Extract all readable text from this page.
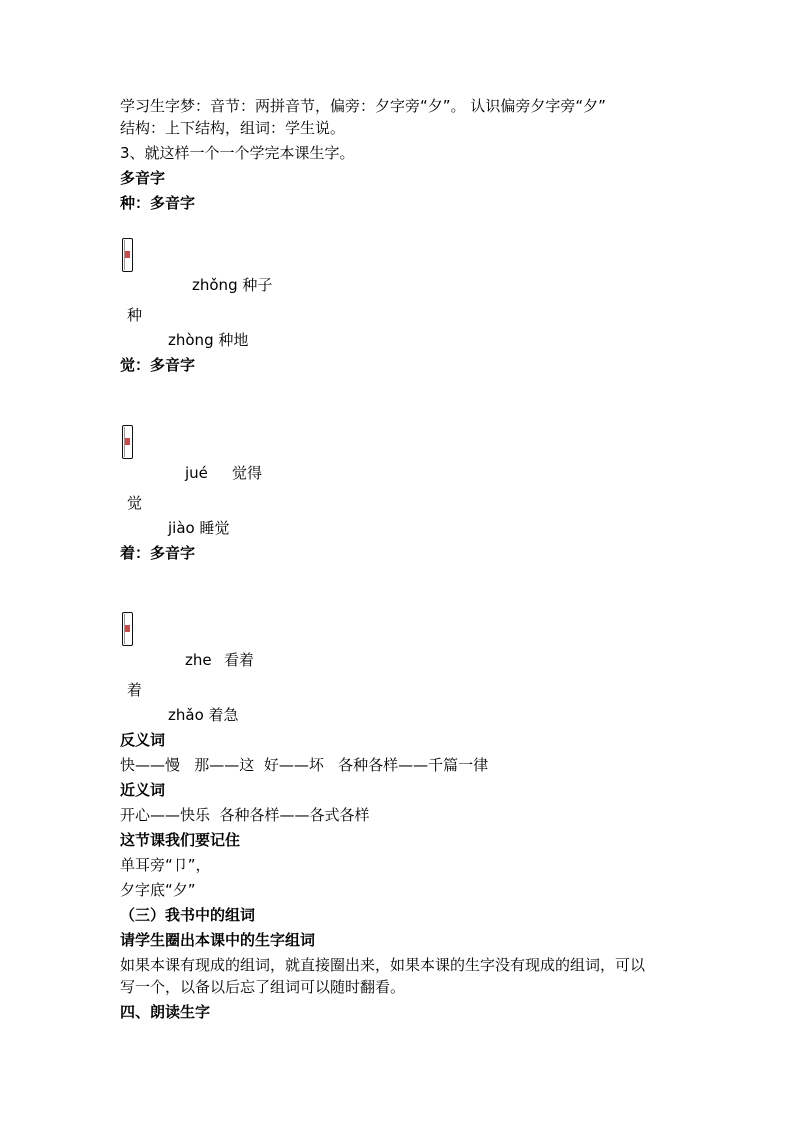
学习生字梦：音节：两拼音节，偏旁：夕字旁“夕”。 认识偏旁夕字旁“夕”

结构：上下结构，组词：学生说。

3、就这样一个一个学完本课生字。

多音字

种：多音字

zhǒng 种子
种
zhòng 种地

觉：多音字

jué 觉得
觉
jiào 睡觉

着：多音字

zhe 看着
着
zhǎo 着急

反义词

快——慢   那——这  好——坏   各种各样——千篇一律

近义词

开心——快乐  各种各样——各式各样

这节课我们要记住

单耳旁“卩”，

夕字底“夕”

（三）我书中的组词

请学生圈出本课中的生字组词

如果本课有现成的组词，就直接圈出来，如果本课的生字没有现成的组词，可以

写一个，以备以后忘了组词可以随时翻看。

四、朗读生字
